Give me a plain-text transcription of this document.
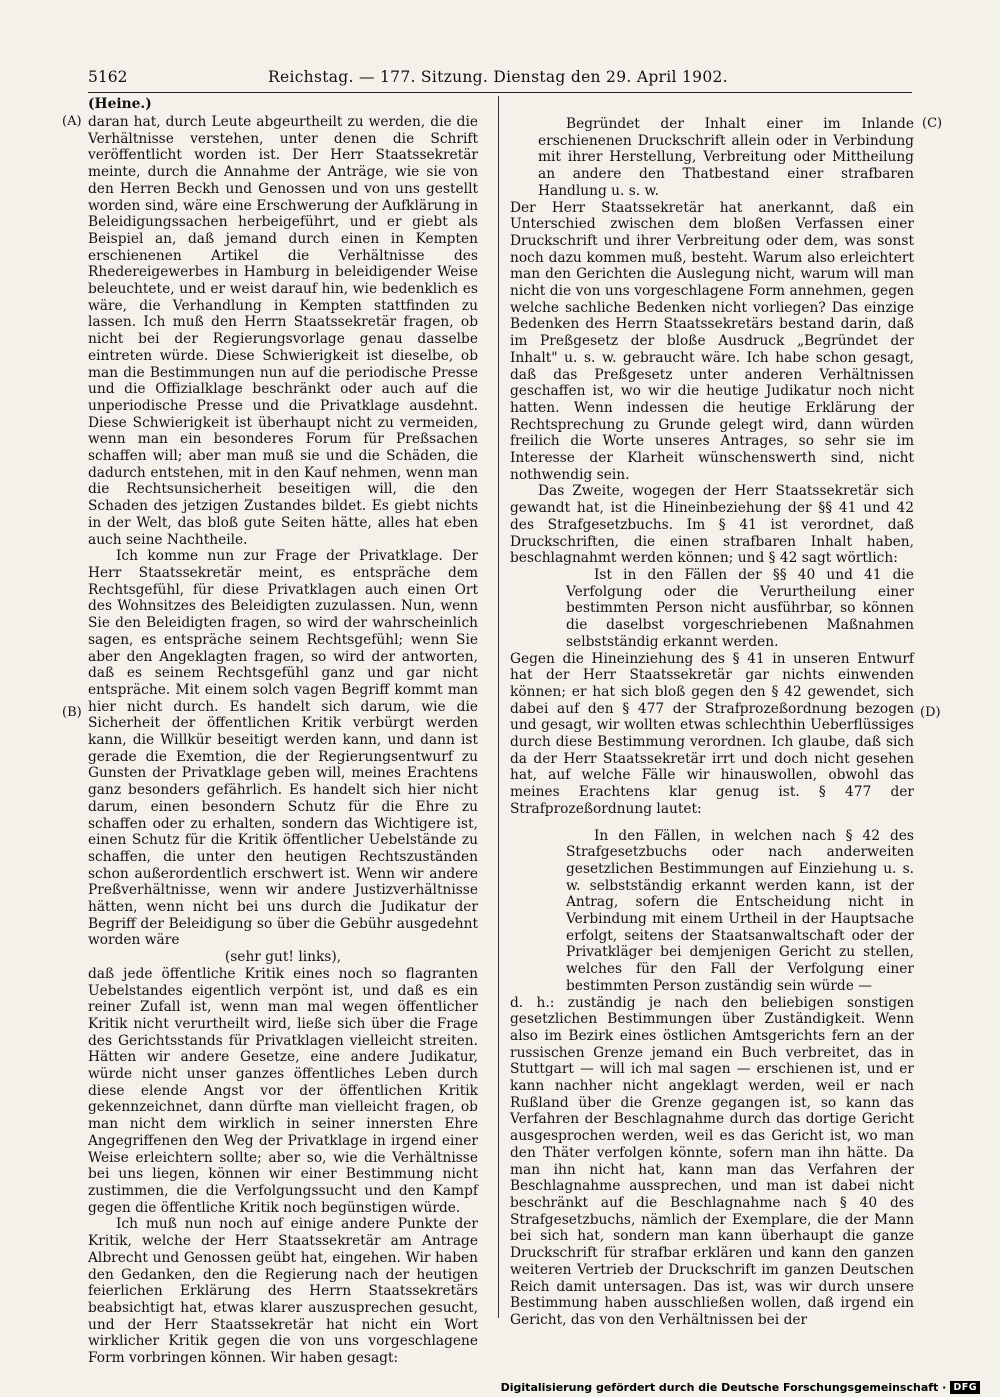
5162	Reichstag. — 177. Sitzung. Dienstag den 29. April 1902.
(Heine.)
(A)
(B)
(C)
(D)

daran hat, durch Leute abgeurtheilt zu werden, die die Verhältnisse verstehen, unter denen die Schrift veröffentlicht worden ist. Der Herr Staatssekretär meinte, durch die Annahme der Anträge, wie sie von den Herren Beckh und Genossen und von uns gestellt worden sind, wäre eine Erschwerung der Aufklärung in Beleidigungssachen herbeigeführt, und er giebt als Beispiel an, daß jemand durch einen in Kempten erschienenen Artikel die Verhältnisse des Rhedereigewerbes in Hamburg in beleidigender Weise beleuchtete, und er weist darauf hin, wie bedenklich es wäre, die Verhandlung in Kempten stattfinden zu lassen. Ich muß den Herrn Staatssekretär fragen, ob nicht bei der Regierungsvorlage genau dasselbe eintreten würde. Diese Schwierigkeit ist dieselbe, ob man die Bestimmungen nun auf die periodische Presse und die Offizialklage beschränkt oder auch auf die unperiodische Presse und die Privatklage ausdehnt. Diese Schwierigkeit ist überhaupt nicht zu vermeiden, wenn man ein besonderes Forum für Preßsachen schaffen will; aber man muß sie und die Schäden, die dadurch entstehen, mit in den Kauf nehmen, wenn man die Rechtsunsicherheit beseitigen will, die den Schaden des jetzigen Zustandes bildet. Es giebt nichts in der Welt, das bloß gute Seiten hätte, alles hat eben auch seine Nachtheile.

Ich komme nun zur Frage der Privatklage. Der Herr Staatssekretär meint, es entspräche dem Rechtsgefühl, für diese Privatklagen auch einen Ort des Wohnsitzes des Beleidigten zuzulassen. Nun, wenn Sie den Beleidigten fragen, so wird der wahrscheinlich sagen, es entspräche seinem Rechtsgefühl; wenn Sie aber den Angeklagten fragen, so wird der antworten, daß es seinem Rechtsgefühl ganz und gar nicht entspräche. Mit einem solch vagen Begriff kommt man hier nicht durch. Es handelt sich darum, wie die Sicherheit der öffentlichen Kritik verbürgt werden kann, die Willkür beseitigt werden kann, und dann ist gerade die Exemtion, die der Regierungsentwurf zu Gunsten der Privatklage geben will, meines Erachtens ganz besonders gefährlich. Es handelt sich hier nicht darum, einen besondern Schutz für die Ehre zu schaffen oder zu erhalten, sondern das Wichtigere ist, einen Schutz für die Kritik öffentlicher Uebelstände zu schaffen, die unter den heutigen Rechtszuständen schon außerordentlich erschwert ist. Wenn wir andere Preßverhältnisse, wenn wir andere Justizverhältnisse hätten, wenn nicht bei uns durch die Judikatur der Begriff der Beleidigung so über die Gebühr ausgedehnt worden wäre

(sehr gut! links),

daß jede öffentliche Kritik eines noch so flagranten Uebelstandes eigentlich verpönt ist, und daß es ein reiner Zufall ist, wenn man mal wegen öffentlicher Kritik nicht verurtheilt wird, ließe sich über die Frage des Gerichtsstands für Privatklagen vielleicht streiten. Hätten wir andere Gesetze, eine andere Judikatur, würde nicht unser ganzes öffentliches Leben durch diese elende Angst vor der öffentlichen Kritik gekennzeichnet, dann dürfte man vielleicht fragen, ob man nicht dem wirklich in seiner innersten Ehre Angegriffenen den Weg der Privatklage in irgend einer Weise erleichtern sollte; aber so, wie die Verhältnisse bei uns liegen, können wir einer Bestimmung nicht zustimmen, die die Verfolgungssucht und den Kampf gegen die öffentliche Kritik noch begünstigen würde.

Ich muß nun noch auf einige andere Punkte der Kritik, welche der Herr Staatssekretär am Antrage Albrecht und Genossen geübt hat, eingehen. Wir haben den Gedanken, den die Regierung nach der heutigen feierlichen Erklärung des Herrn Staatssekretärs beabsichtigt hat, etwas klarer auszusprechen gesucht, und der Herr Staatssekretär hat nicht ein Wort wirklicher Kritik gegen die von uns vorgeschlagene Form vorbringen können. Wir haben gesagt:

Begründet der Inhalt einer im Inlande erschienenen Druckschrift allein oder in Verbindung mit ihrer Herstellung, Verbreitung oder Mittheilung an andere den Thatbestand einer strafbaren Handlung u. s. w.

Der Herr Staatssekretär hat anerkannt, daß ein Unterschied zwischen dem bloßen Verfassen einer Druckschrift und ihrer Verbreitung oder dem, was sonst noch dazu kommen muß, besteht. Warum also erleichtert man den Gerichten die Auslegung nicht, warum will man nicht die von uns vorgeschlagene Form annehmen, gegen welche sachliche Bedenken nicht vorliegen? Das einzige Bedenken des Herrn Staatssekretärs bestand darin, daß im Preßgesetz der bloße Ausdruck „Begründet der Inhalt" u. s. w. gebraucht wäre. Ich habe schon gesagt, daß das Preßgesetz unter anderen Verhältnissen geschaffen ist, wo wir die heutige Judikatur noch nicht hatten. Wenn indessen die heutige Erklärung der Rechtsprechung zu Grunde gelegt wird, dann würden freilich die Worte unseres Antrages, so sehr sie im Interesse der Klarheit wünschenswerth sind, nicht nothwendig sein.

Das Zweite, wogegen der Herr Staatssekretär sich gewandt hat, ist die Hineinbeziehung der §§ 41 und 42 des Strafgesetzbuchs. Im § 41 ist verordnet, daß Druckschriften, die einen strafbaren Inhalt haben, beschlagnahmt werden können; und § 42 sagt wörtlich:

Ist in den Fällen der §§ 40 und 41 die Verfolgung oder die Verurtheilung einer bestimmten Person nicht ausführbar, so können die daselbst vorgeschriebenen Maßnahmen selbstständig erkannt werden.

Gegen die Hineinziehung des § 41 in unseren Entwurf hat der Herr Staatssekretär gar nichts einwenden können; er hat sich bloß gegen den § 42 gewendet, sich dabei auf den § 477 der Strafprozeßordnung bezogen und gesagt, wir wollten etwas schlechthin Ueberflüssiges durch diese Bestimmung verordnen. Ich glaube, daß sich da der Herr Staatssekretär irrt und doch nicht gesehen hat, auf welche Fälle wir hinauswollen, obwohl das meines Erachtens klar genug ist. § 477 der Strafprozeßordnung lautet:

In den Fällen, in welchen nach § 42 des Strafgesetzbuchs oder nach anderweiten gesetzlichen Bestimmungen auf Einziehung u. s. w. selbstständig erkannt werden kann, ist der Antrag, sofern die Entscheidung nicht in Verbindung mit einem Urtheil in der Hauptsache erfolgt, seitens der Staatsanwaltschaft oder der Privatkläger bei demjenigen Gericht zu stellen, welches für den Fall der Verfolgung einer bestimmten Person zuständig sein würde —

d. h.: zuständig je nach den beliebigen sonstigen gesetzlichen Bestimmungen über Zuständigkeit. Wenn also im Bezirk eines östlichen Amtsgerichts fern an der russischen Grenze jemand ein Buch verbreitet, das in Stuttgart — will ich mal sagen — erschienen ist, und er kann nachher nicht angeklagt werden, weil er nach Rußland über die Grenze gegangen ist, so kann das Verfahren der Beschlagnahme durch das dortige Gericht ausgesprochen werden, weil es das Gericht ist, wo man den Thäter verfolgen könnte, sofern man ihn hätte. Da man ihn nicht hat, kann man das Verfahren der Beschlagnahme aussprechen, und man ist dabei nicht beschränkt auf die Beschlagnahme nach § 40 des Strafgesetzbuchs, nämlich der Exemplare, die der Mann bei sich hat, sondern man kann überhaupt die ganze Druckschrift für strafbar erklären und kann den ganzen weiteren Vertrieb der Druckschrift im ganzen Deutschen Reich damit untersagen. Das ist, was wir durch unsere Bestimmung haben ausschließen wollen, daß irgend ein Gericht, das von den Verhältnissen bei der

Digitalisierung gefördert durch die Deutsche Forschungsgemeinschaft · DFG
